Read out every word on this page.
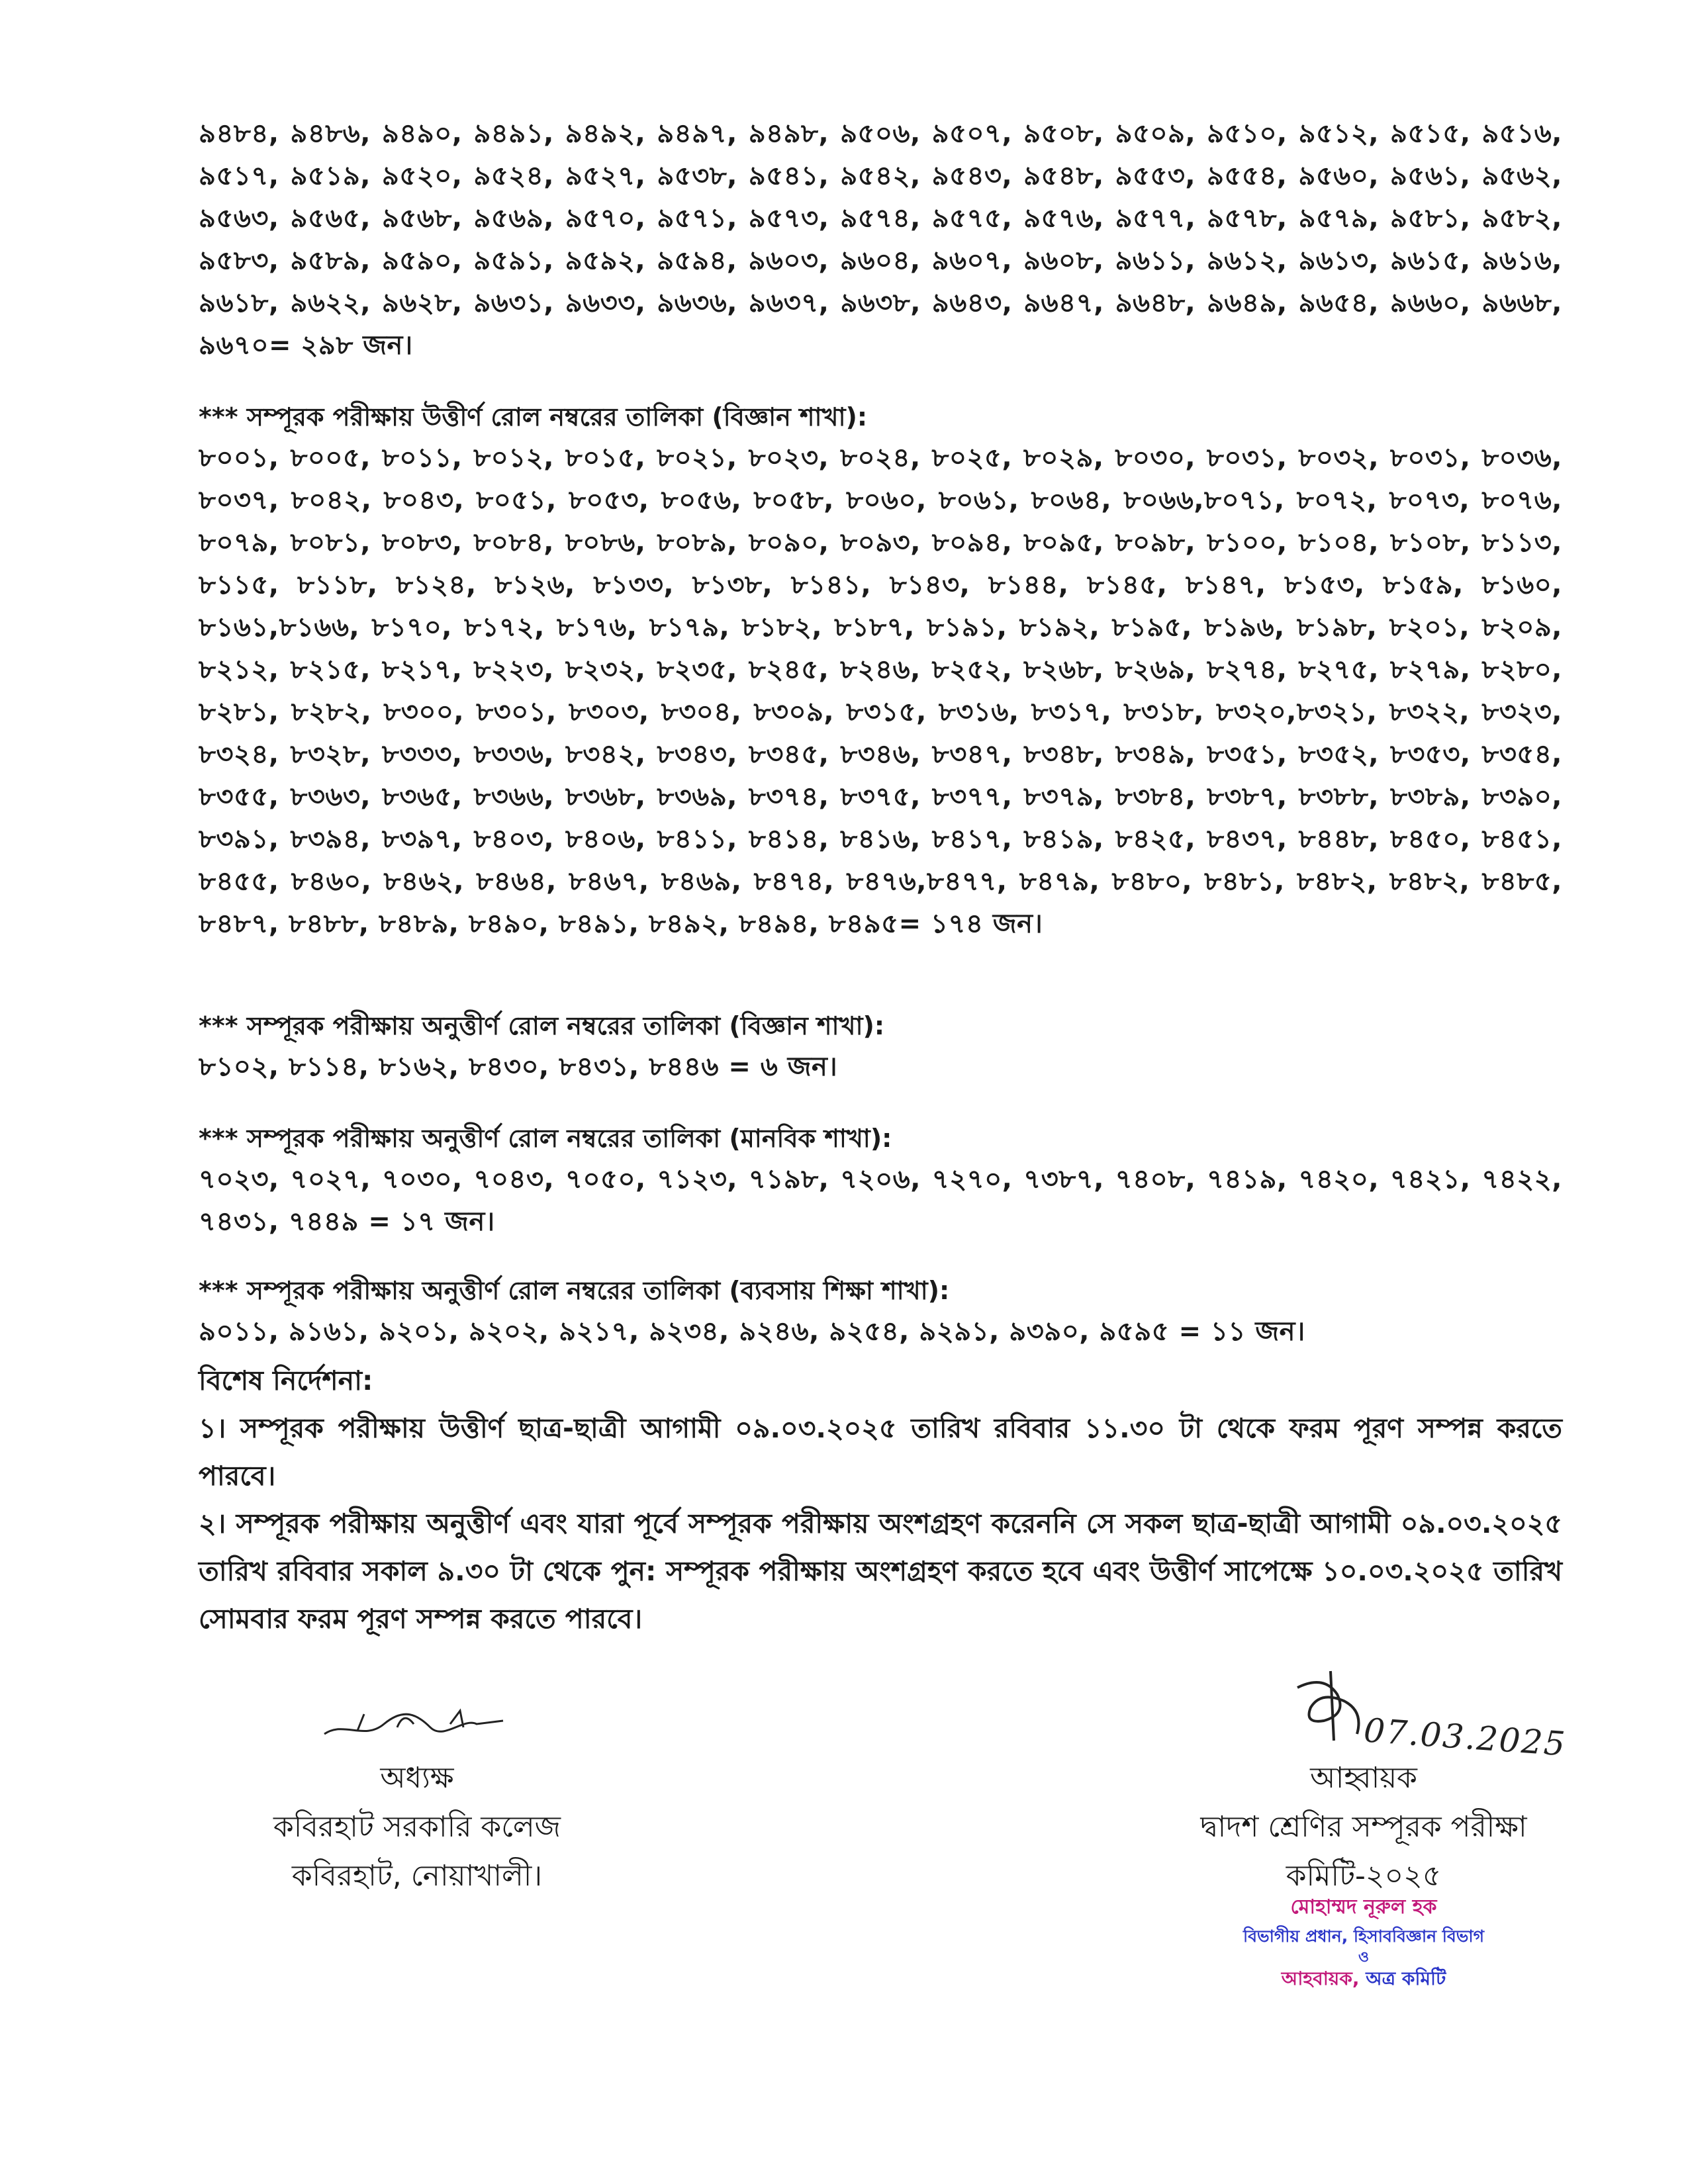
৯৪৮৪, ৯৪৮৬, ৯৪৯০, ৯৪৯১, ৯৪৯২, ৯৪৯৭, ৯৪৯৮, ৯৫০৬, ৯৫০৭, ৯৫০৮, ৯৫০৯, ৯৫১০, ৯৫১২, ৯৫১৫, ৯৫১৬, ৯৫১৭, ৯৫১৯, ৯৫২০, ৯৫২৪, ৯৫২৭, ৯৫৩৮, ৯৫৪১, ৯৫৪২, ৯৫৪৩, ৯৫৪৮, ৯৫৫৩, ৯৫৫৪, ৯৫৬০, ৯৫৬১, ৯৫৬২, ৯৫৬৩, ৯৫৬৫, ৯৫৬৮, ৯৫৬৯, ৯৫৭০, ৯৫৭১, ৯৫৭৩, ৯৫৭৪, ৯৫৭৫, ৯৫৭৬, ৯৫৭৭, ৯৫৭৮, ৯৫৭৯, ৯৫৮১, ৯৫৮২, ৯৫৮৩, ৯৫৮৯, ৯৫৯০, ৯৫৯১, ৯৫৯২, ৯৫৯৪, ৯৬০৩, ৯৬০৪, ৯৬০৭, ৯৬০৮, ৯৬১১, ৯৬১২, ৯৬১৩, ৯৬১৫, ৯৬১৬, ৯৬১৮, ৯৬২২, ৯৬২৮, ৯৬৩১, ৯৬৩৩, ৯৬৩৬, ৯৬৩৭, ৯৬৩৮, ৯৬৪৩, ৯৬৪৭, ৯৬৪৮, ৯৬৪৯, ৯৬৫৪, ৯৬৬০, ৯৬৬৮, ৯৬৭০= ২৯৮ জন।
*** সম্পূরক পরীক্ষায় উত্তীর্ণ রোল নম্বরের তালিকা (বিজ্ঞান শাখা):
৮০০১, ৮০০৫, ৮০১১, ৮০১২, ৮০১৫, ৮০২১, ৮০২৩, ৮০২৪, ৮০২৫, ৮০২৯, ৮০৩০, ৮০৩১, ৮০৩২, ৮০৩১, ৮০৩৬, ৮০৩৭, ৮০৪২, ৮০৪৩, ৮০৫১, ৮০৫৩, ৮০৫৬, ৮০৫৮, ৮০৬০, ৮০৬১, ৮০৬৪, ৮০৬৬,৮০৭১, ৮০৭২, ৮০৭৩, ৮০৭৬, ৮০৭৯, ৮০৮১, ৮০৮৩, ৮০৮৪, ৮০৮৬, ৮০৮৯, ৮০৯০, ৮০৯৩, ৮০৯৪, ৮০৯৫, ৮০৯৮, ৮১০০, ৮১০৪, ৮১০৮, ৮১১৩, ৮১১৫, ৮১১৮, ৮১২৪, ৮১২৬, ৮১৩৩, ৮১৩৮, ৮১৪১, ৮১৪৩, ৮১৪৪, ৮১৪৫, ৮১৪৭, ৮১৫৩, ৮১৫৯, ৮১৬০, ৮১৬১,৮১৬৬, ৮১৭০, ৮১৭২, ৮১৭৬, ৮১৭৯, ৮১৮২, ৮১৮৭, ৮১৯১, ৮১৯২, ৮১৯৫, ৮১৯৬, ৮১৯৮, ৮২০১, ৮২০৯, ৮২১২, ৮২১৫, ৮২১৭, ৮২২৩, ৮২৩২, ৮২৩৫, ৮২৪৫, ৮২৪৬, ৮২৫২, ৮২৬৮, ৮২৬৯, ৮২৭৪, ৮২৭৫, ৮২৭৯, ৮২৮০, ৮২৮১, ৮২৮২, ৮৩০০, ৮৩০১, ৮৩০৩, ৮৩০৪, ৮৩০৯, ৮৩১৫, ৮৩১৬, ৮৩১৭, ৮৩১৮, ৮৩২০,৮৩২১, ৮৩২২, ৮৩২৩, ৮৩২৪, ৮৩২৮, ৮৩৩৩, ৮৩৩৬, ৮৩৪২, ৮৩৪৩, ৮৩৪৫, ৮৩৪৬, ৮৩৪৭, ৮৩৪৮, ৮৩৪৯, ৮৩৫১, ৮৩৫২, ৮৩৫৩, ৮৩৫৪, ৮৩৫৫, ৮৩৬৩, ৮৩৬৫, ৮৩৬৬, ৮৩৬৮, ৮৩৬৯, ৮৩৭৪, ৮৩৭৫, ৮৩৭৭, ৮৩৭৯, ৮৩৮৪, ৮৩৮৭, ৮৩৮৮, ৮৩৮৯, ৮৩৯০, ৮৩৯১, ৮৩৯৪, ৮৩৯৭, ৮৪০৩, ৮৪০৬, ৮৪১১, ৮৪১৪, ৮৪১৬, ৮৪১৭, ৮৪১৯, ৮৪২৫, ৮৪৩৭, ৮৪৪৮, ৮৪৫০, ৮৪৫১, ৮৪৫৫, ৮৪৬০, ৮৪৬২, ৮৪৬৪, ৮৪৬৭, ৮৪৬৯, ৮৪৭৪, ৮৪৭৬,৮৪৭৭, ৮৪৭৯, ৮৪৮০, ৮৪৮১, ৮৪৮২, ৮৪৮২, ৮৪৮৫, ৮৪৮৭, ৮৪৮৮, ৮৪৮৯, ৮৪৯০, ৮৪৯১, ৮৪৯২, ৮৪৯৪, ৮৪৯৫= ১৭৪ জন।
*** সম্পূরক পরীক্ষায় অনুত্তীর্ণ রোল নম্বরের তালিকা (বিজ্ঞান শাখা):
৮১০২, ৮১১৪, ৮১৬২, ৮৪৩০, ৮৪৩১, ৮৪৪৬ = ৬ জন।
*** সম্পূরক পরীক্ষায় অনুত্তীর্ণ রোল নম্বরের তালিকা (মানবিক শাখা):
৭০২৩, ৭০২৭, ৭০৩০, ৭০৪৩, ৭০৫০, ৭১২৩, ৭১৯৮, ৭২০৬, ৭২৭০, ৭৩৮৭, ৭৪০৮, ৭৪১৯, ৭৪২০, ৭৪২১, ৭৪২২, ৭৪৩১, ৭৪৪৯ = ১৭ জন।
*** সম্পূরক পরীক্ষায় অনুত্তীর্ণ রোল নম্বরের তালিকা (ব্যবসায় শিক্ষা শাখা):
৯০১১, ৯১৬১, ৯২০১, ৯২০২, ৯২১৭, ৯২৩৪, ৯২৪৬, ৯২৫৪, ৯২৯১, ৯৩৯০, ৯৫৯৫ = ১১ জন।

বিশেষ নির্দেশনা:

১। সম্পূরক পরীক্ষায় উত্তীর্ণ ছাত্র-ছাত্রী আগামী ০৯.০৩.২০২৫ তারিখ রবিবার ১১.৩০ টা থেকে ফরম পূরণ সম্পন্ন করতে পারবে।

২। সম্পূরক পরীক্ষায় অনুত্তীর্ণ এবং যারা পূর্বে সম্পূরক পরীক্ষায় অংশগ্রহণ করেননি সে সকল ছাত্র-ছাত্রী আগামী ০৯.০৩.২০২৫ তারিখ রবিবার সকাল ৯.৩০ টা থেকে পুন: সম্পূরক পরীক্ষায় অংশগ্রহণ করতে হবে এবং উত্তীর্ণ সাপেক্ষে ১০.০৩.২০২৫ তারিখ সোমবার ফরম পূরণ সম্পন্ন করতে পারবে।

অধ্যক্ষ
কবিরহাট সরকারি কলেজ
কবিরহাট, নোয়াখালী।
07.03.2025
আহ্বায়ক
দ্বাদশ শ্রেণির সম্পূরক পরীক্ষা
কমিটি-২০২৫
মোহাম্মদ নূরুল হক
বিভাগীয় প্রধান, হিসাববিজ্ঞান বিভাগ
ও
আহবায়ক, অত্র কমিটি
